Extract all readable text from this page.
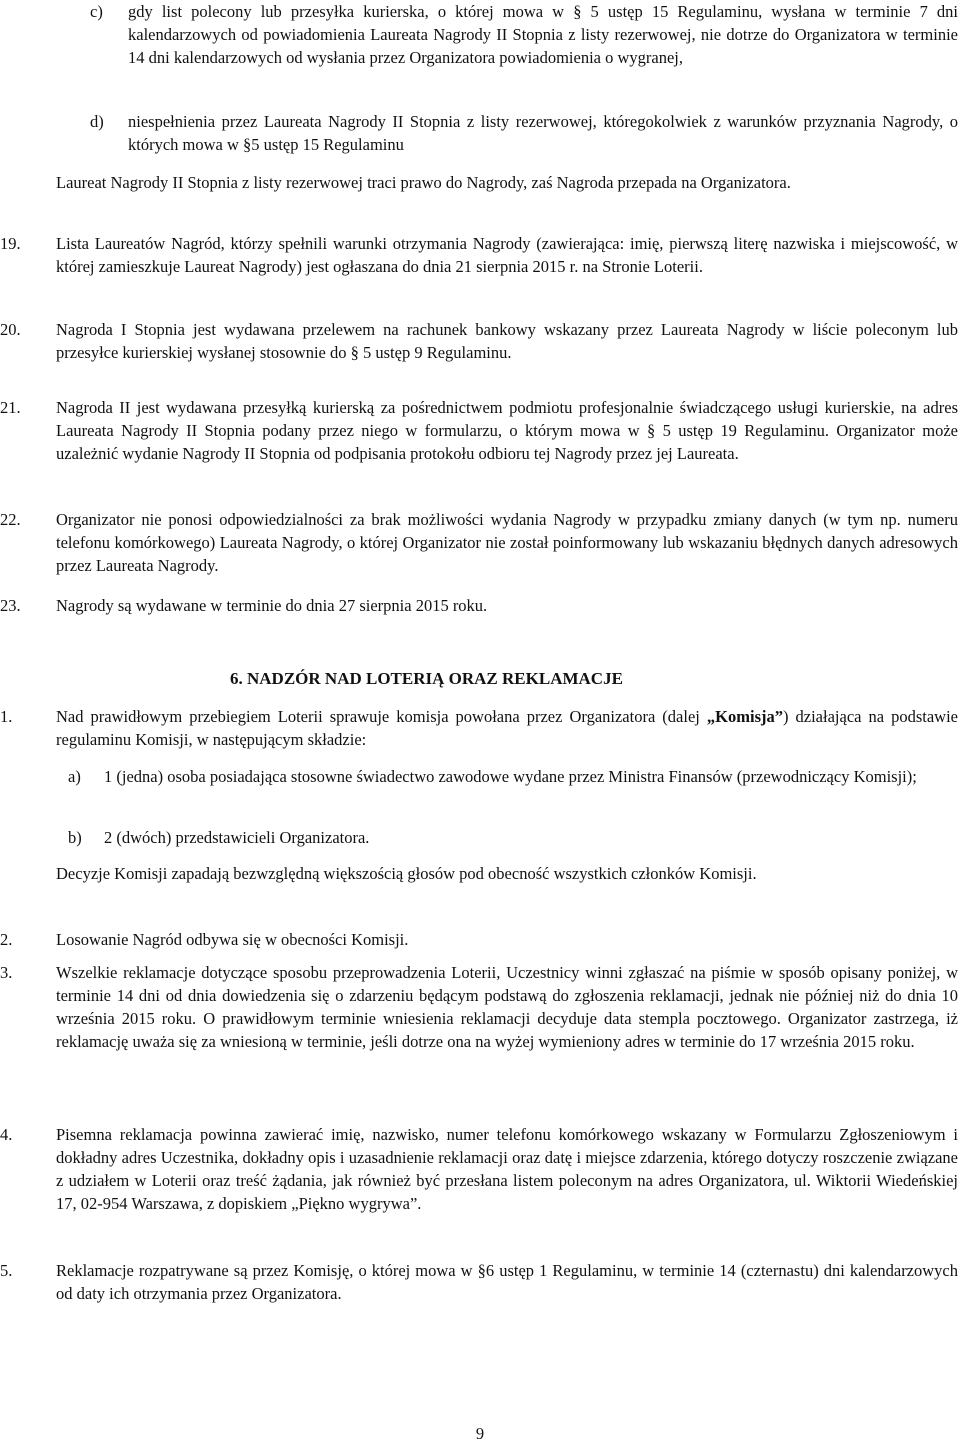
c) gdy list polecony lub przesyłka kurierska, o której mowa w § 5 ustęp 15 Regulaminu, wysłana w terminie 7 dni kalendarzowych od powiadomienia Laureata Nagrody II Stopnia z listy rezerwowej, nie dotrze do Organizatora w terminie 14 dni kalendarzowych od wysłania przez Organizatora powiadomienia o wygranej,

d) niespełnienia przez Laureata Nagrody II Stopnia z listy rezerwowej, któregokolwiek z warunków przyznania Nagrody, o których mowa w §5 ustęp 15 Regulaminu

Laureat Nagrody II Stopnia z listy rezerwowej traci prawo do Nagrody, zaś Nagroda przepada na Organizatora.

19. Lista Laureatów Nagród, którzy spełnili warunki otrzymania Nagrody (zawierająca: imię, pierwszą literę nazwiska i miejscowość, w której zamieszkuje Laureat Nagrody) jest ogłaszana do dnia 21 sierpnia 2015 r. na Stronie Loterii.

20. Nagroda I Stopnia jest wydawana przelewem na rachunek bankowy wskazany przez Laureata Nagrody w liście poleconym lub przesyłce kurierskiej wysłanej stosownie do § 5 ustęp 9 Regulaminu.

21. Nagroda II jest wydawana przesyłką kurierską za pośrednictwem podmiotu profesjonalnie świadczącego usługi kurierskie, na adres Laureata Nagrody II Stopnia podany przez niego w formularzu, o którym mowa w § 5 ustęp 19 Regulaminu. Organizator może uzależnić wydanie Nagrody II Stopnia od podpisania protokołu odbioru tej Nagrody przez jej Laureata.

22. Organizator nie ponosi odpowiedzialności za brak możliwości wydania Nagrody w przypadku zmiany danych (w tym np. numeru telefonu komórkowego) Laureata Nagrody, o której Organizator nie został poinformowany lub wskazaniu błędnych danych adresowych przez Laureata Nagrody.

23. Nagrody są wydawane w terminie do dnia 27 sierpnia 2015 roku.

6. NADZÓR NAD LOTERIĄ ORAZ REKLAMACJE
1.	Nad prawidłowym przebiegiem Loterii sprawuje komisja powołana przez Organizatora (dalej „Komisja”) działająca na podstawie regulaminu Komisji, w następującym składzie:

a) 1 (jedna) osoba posiadająca stosowne świadectwo zawodowe wydane przez Ministra Finansów (przewodniczący Komisji);

b) 2 (dwóch) przedstawicieli Organizatora.

Decyzje Komisji zapadają bezwzględną większością głosów pod obecność wszystkich członków Komisji.

2.	Losowanie Nagród odbywa się w obecności Komisji.

3.	Wszelkie reklamacje dotyczące sposobu przeprowadzenia Loterii, Uczestnicy winni zgłaszać na piśmie w sposób opisany poniżej, w terminie 14 dni od dnia dowiedzenia się o zdarzeniu będącym podstawą do zgłoszenia reklamacji, jednak nie później niż do dnia 10 września 2015 roku. O prawidłowym terminie wniesienia reklamacji decyduje data stempla pocztowego. Organizator zastrzega, iż reklamację uważa się za wniesioną w terminie, jeśli dotrze ona na wyżej wymieniony adres w terminie do 17 września 2015 roku.

4.	Pisemna reklamacja powinna zawierać imię, nazwisko, numer telefonu komórkowego wskazany w Formularzu Zgłoszeniowym i dokładny adres Uczestnika, dokładny opis i uzasadnienie reklamacji oraz datę i miejsce zdarzenia, którego dotyczy roszczenie związane z udziałem w Loterii oraz treść żądania, jak również być przesłana listem poleconym na adres Organizatora, ul. Wiktorii Wiedeńskiej 17, 02-954 Warszawa, z dopiskiem „Piękno wygrywa”.

5.	Reklamacje rozpatrywane są przez Komisję, o której mowa w §6 ustęp 1 Regulaminu, w terminie 14 (czternastu) dni kalendarzowych od daty ich otrzymania przez Organizatora.

9
